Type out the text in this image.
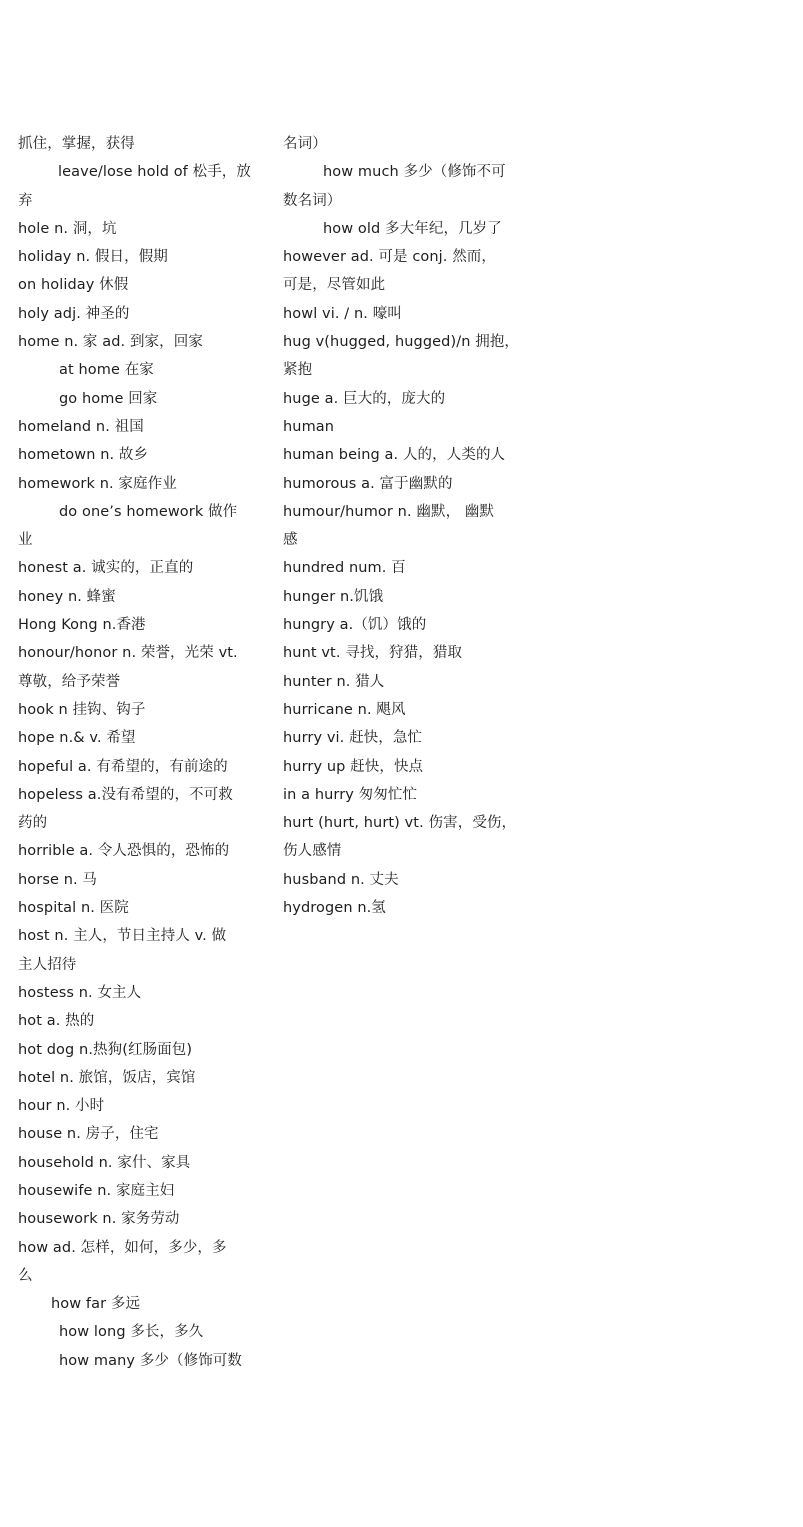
抓住，掌握，获得
leave/lose hold of 松手，放
弃
hole n. 洞，坑
holiday n. 假日，假期
on holiday 休假
holy adj. 神圣的
home n. 家 ad. 到家，回家
at home 在家
go home 回家
homeland n. 祖国
hometown n. 故乡
homework n. 家庭作业
do one’s homework 做作
业
honest a. 诚实的，正直的
honey n. 蜂蜜
Hong Kong n.香港
honour/honor n. 荣誉，光荣 vt.
尊敬，给予荣誉
hook n 挂钩、钩子
hope n.& v. 希望
hopeful a. 有希望的，有前途的
hopeless a.没有希望的，不可救
药的
horrible a. 令人恐惧的，恐怖的
horse n. 马
hospital n. 医院
host n. 主人，节日主持人 v. 做
主人招待
hostess n. 女主人
hot a. 热的
hot dog n.热狗(红肠面包)
hotel n. 旅馆，饭店，宾馆
hour n. 小时
house n. 房子，住宅
household n. 家什、家具
housewife n. 家庭主妇
housework n. 家务劳动
how ad. 怎样，如何，多少，多
么
how far 多远
how long 多长，多久
how many 多少（修饰可数
名词）
how much 多少（修饰不可
数名词）
how old 多大年纪，几岁了
however ad. 可是 conj. 然而，
可是，尽管如此
howl vi. / n. 嚎叫
hug v(hugged, hugged)/n 拥抱，
紧抱
huge a. 巨大的，庞大的
human
human being a. 人的，人类的人
humorous a. 富于幽默的
humour/humor n. 幽默， 幽默
感
hundred num. 百
hunger n.饥饿
hungry a.（饥）饿的
hunt vt. 寻找，狩猎，猎取
hunter n. 猎人
hurricane n. 飓风
hurry vi. 赶快，急忙
hurry up 赶快，快点
in a hurry 匆匆忙忙
hurt (hurt, hurt) vt. 伤害，受伤，
伤人感情
husband n. 丈夫
hydrogen n.氢
